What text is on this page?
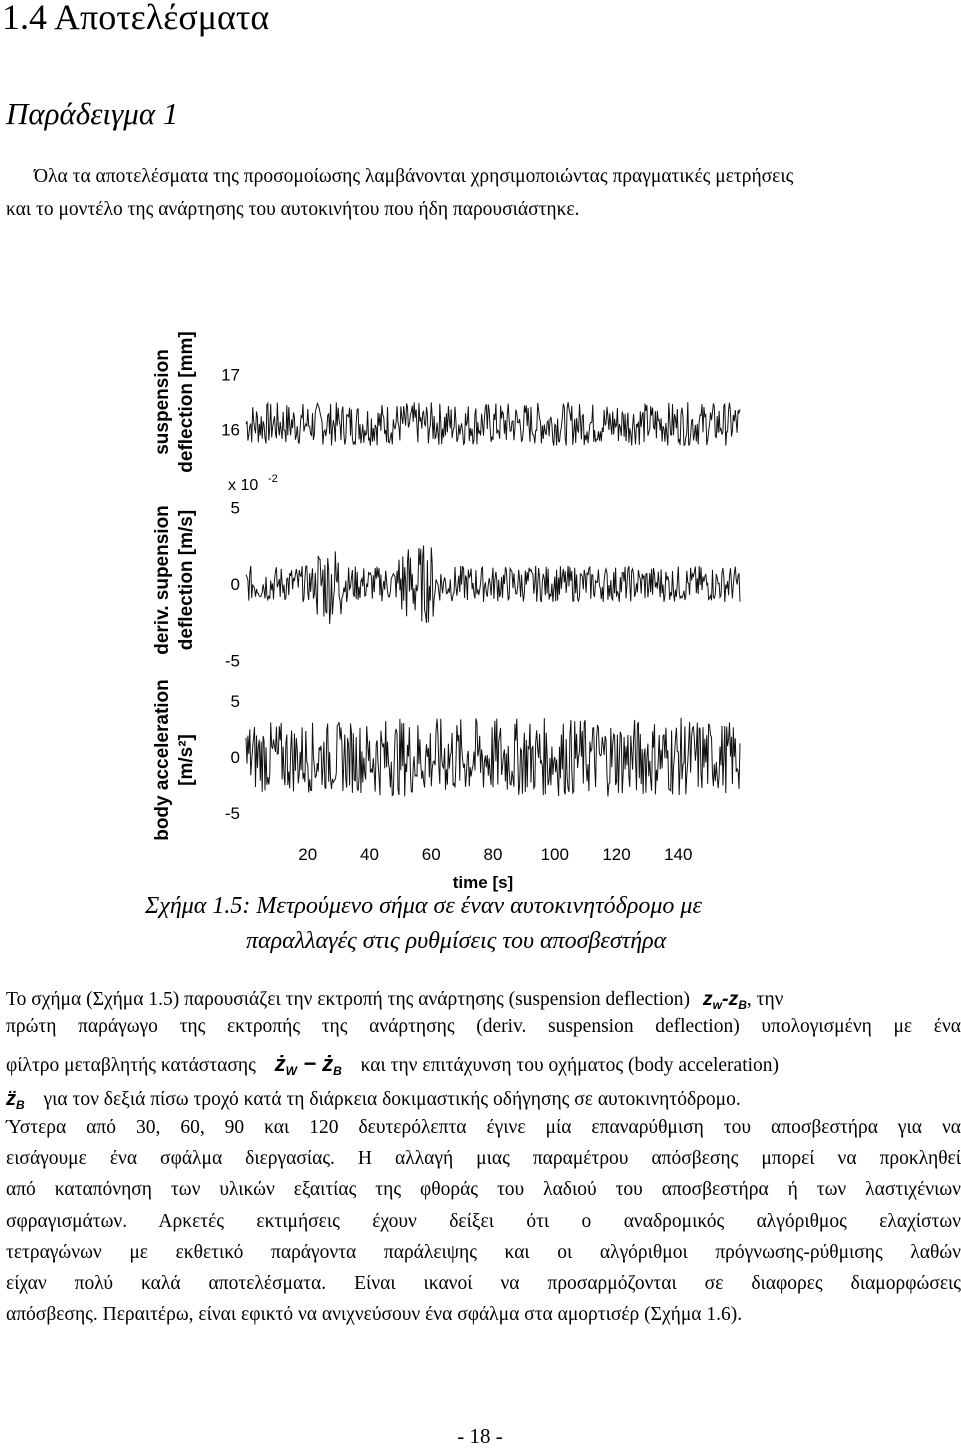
1.4 Αποτελέσματα
Παράδειγμα 1
Όλα τα αποτελέσματα της προσομοίωσης λαμβάνονται χρησιμοποιώντας πραγματικές μετρήσεις
και το μοντέλο της ανάρτησης του αυτοκινήτου που ήδη παρουσιάστηκε.
suspension deflection [mm] 17
16
deriv. supension deflection [m/s]
x 10 -2
5
0
-5
body acceleration [m/s²]
5
0
-5
20	40	60	80 100 120 140
time [s]
Σχήμα 1.5: Μετρούμενο σήμα σε έναν αυτοκινητόδρομο με
παραλλαγές στις ρυθμίσεις του αποσβεστήρα
Το σχήμα (Σχήμα 1.5) παρουσιάζει την εκτροπή της ανάρτησης (suspension deflection) $z_w-z_B$, την
πρώτη παράγωγο της εκτροπής της ανάρτησης (deriv. suspension deflection) υπολογισμένη με ένα
φίλτρο μεταβλητής κατάστασης $ż_W$ − $ż_B$ και την επιτάχυνση του οχήματος (body acceleration)
$z̈_B$ για τον δεξιά πίσω τροχό κατά τη διάρκεια δοκιμαστικής οδήγησης σε αυτοκινητόδρομο.
Ύστερα από 30, 60, 90 και 120 δευτερόλεπτα έγινε μία επαναρύθμιση του αποσβεστήρα για να
εισάγουμε ένα σφάλμα διεργασίας. Η αλλαγή μιας παραμέτρου απόσβεσης μπορεί να προκληθεί
από καταπόνηση των υλικών εξαιτίας της φθοράς του λαδιού του αποσβεστήρα ή των λαστιχένιων
σφραγισμάτων. Αρκετές εκτιμήσεις έχουν δείξει ότι ο αναδρομικός αλγόριθμος ελαχίστων
τετραγώνων με εκθετικό παράγοντα παράλειψης και οι αλγόριθμοι πρόγνωσης-ρύθμισης λαθών
είχαν πολύ καλά αποτελέσματα. Είναι ικανοί να προσαρμόζονται σε διαφορες διαμορφώσεις
απόσβεσης. Περαιτέρω, είναι εφικτό να ανιχνεύσουν ένα σφάλμα στα αμορτισέρ (Σχήμα 1.6).
- 18 -
